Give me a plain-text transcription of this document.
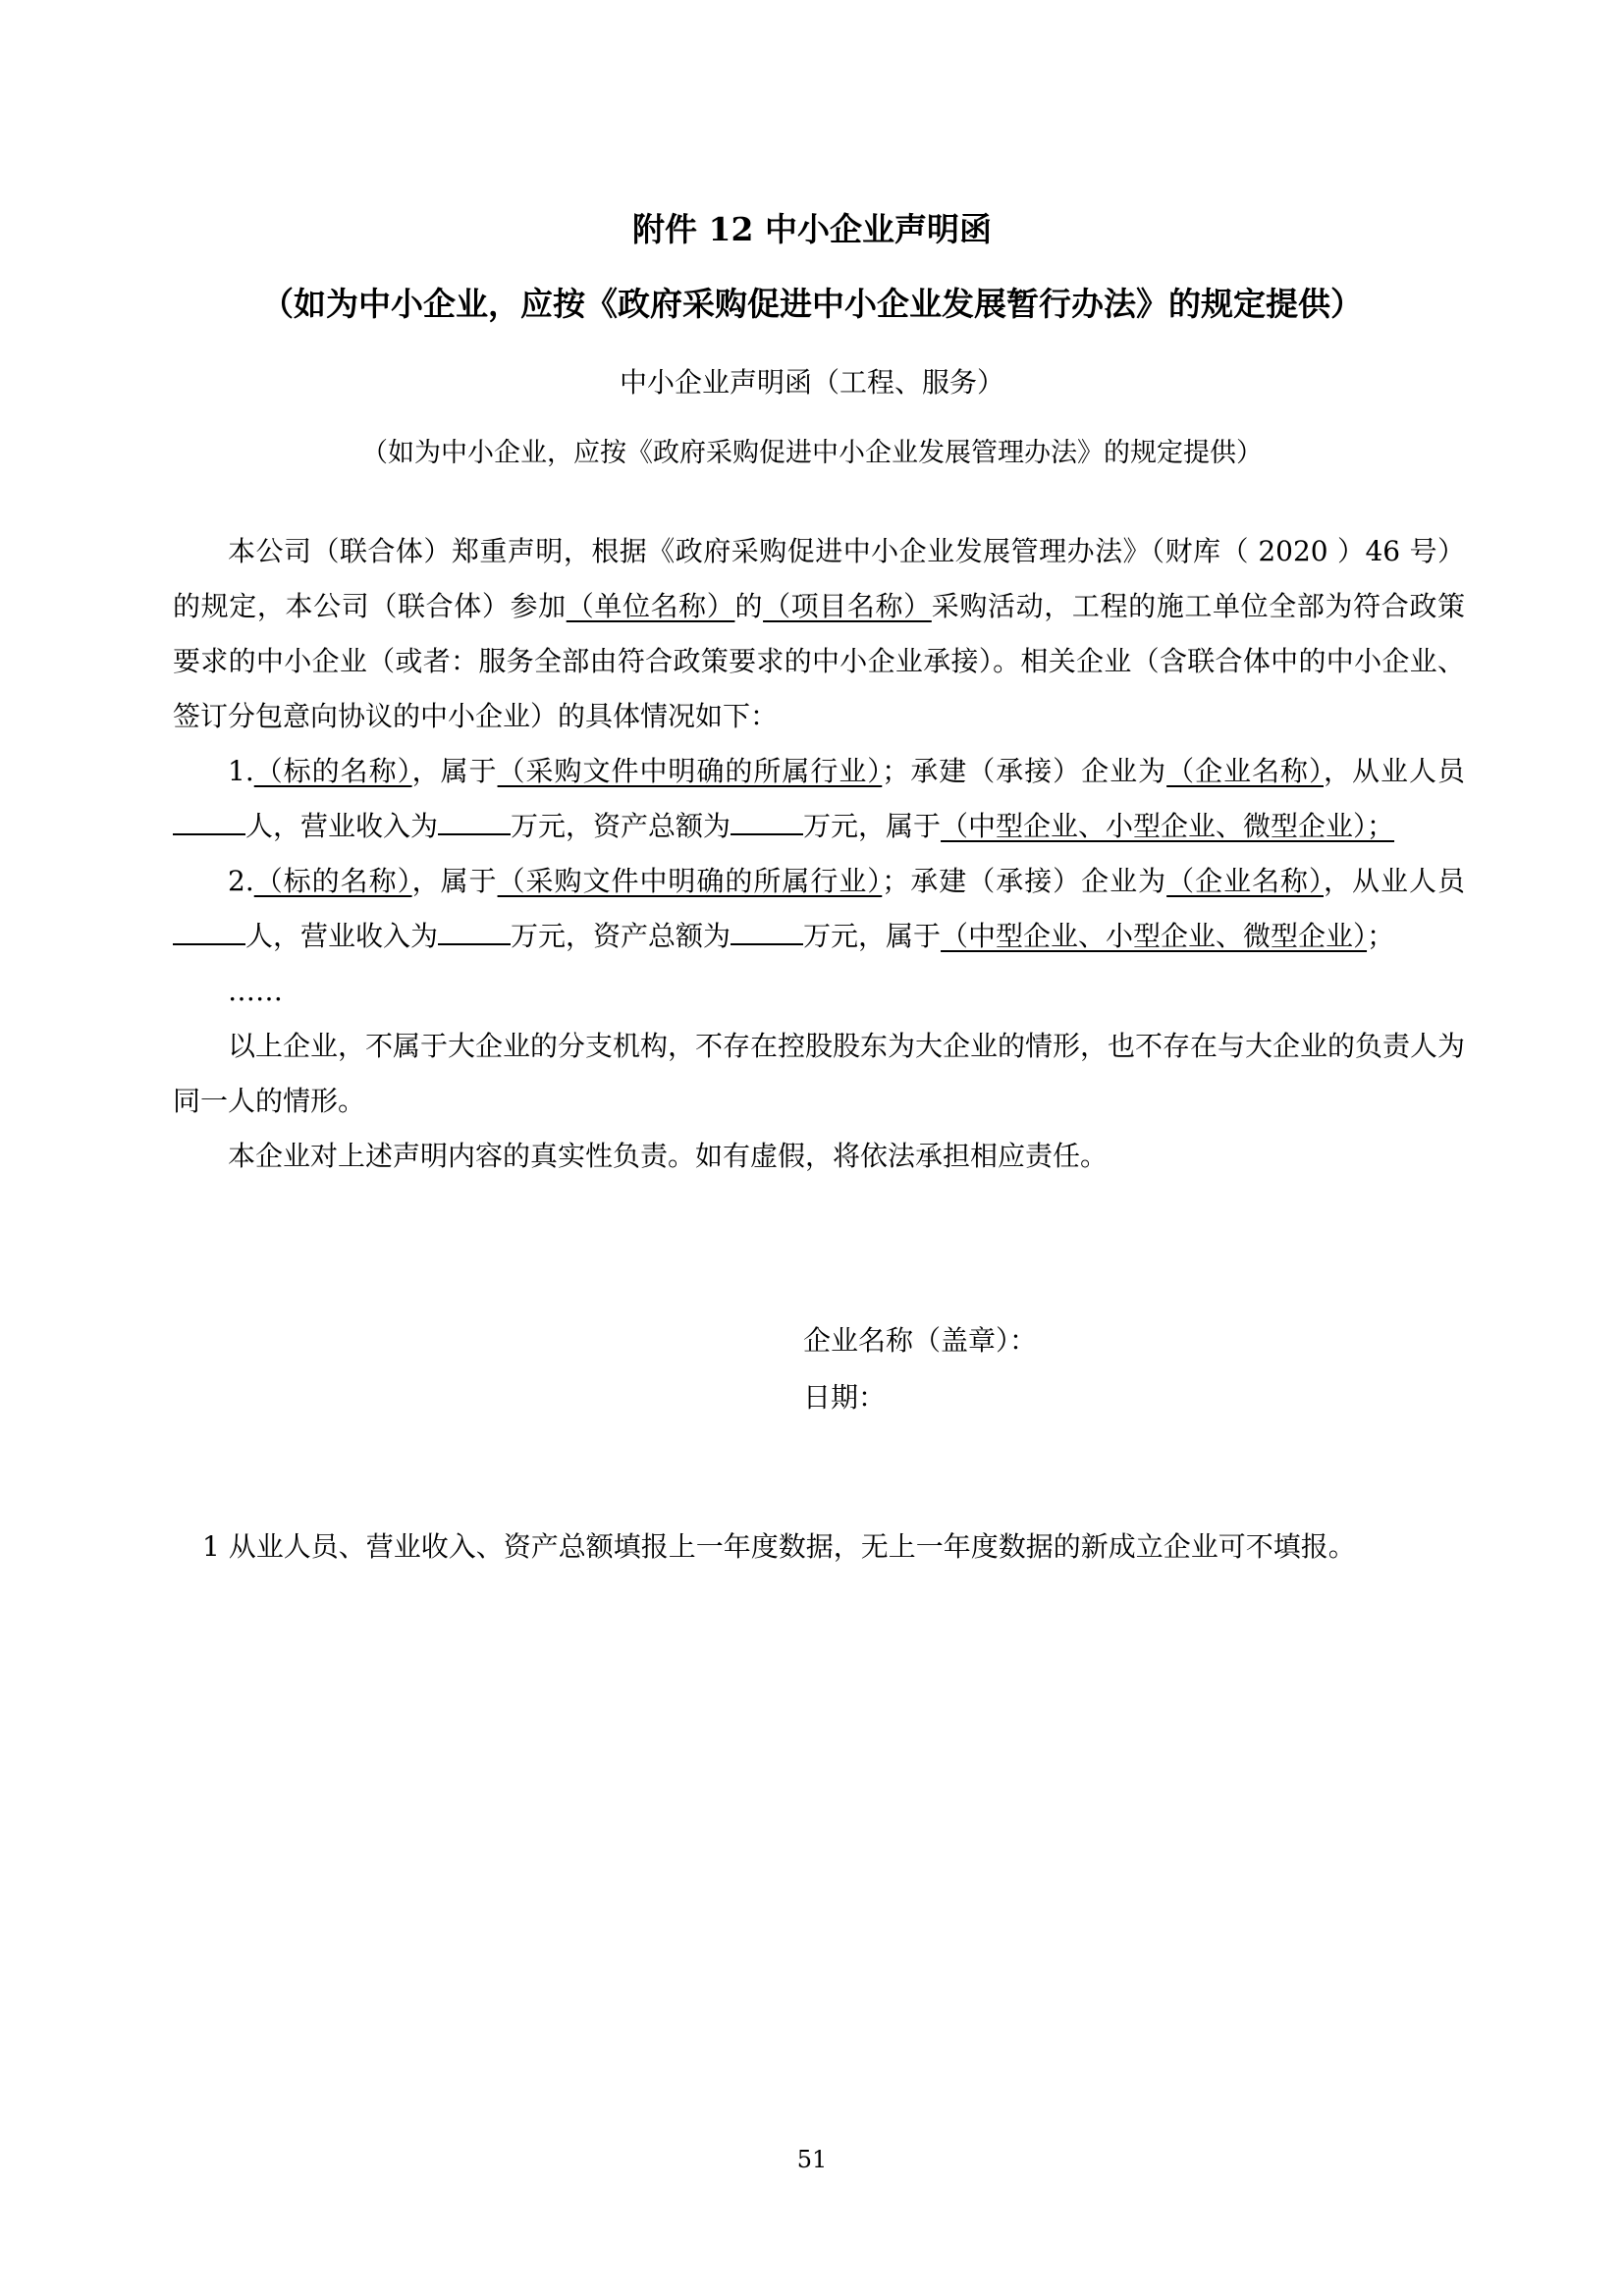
附件 12 中小企业声明函
（如为中小企业，应按《政府采购促进中小企业发展暂行办法》的规定提供）
中小企业声明函（工程、服务）
（如为中小企业，应按《政府采购促进中小企业发展管理办法》的规定提供）

本公司（联合体）郑重声明，根据《政府采购促进中小企业发展管理办法》（财库（ 2020 ）46 号）的规定，本公司（联合体）参加（单位名称）的（项目名称）采购活动，工程的施工单位全部为符合政策要求的中小企业（或者：服务全部由符合政策要求的中小企业承接）。相关企业（含联合体中的中小企业、签订分包意向协议的中小企业）的具体情况如下：

1.（标的名称），属于（采购文件中明确的所属行业）；承建（承接）企业为（企业名称），从业人员人，营业收入为	万元，资产总额为	万元，属于（中型企业、小型企业、微型企业）；

2.（标的名称），属于（采购文件中明确的所属行业）；承建（承接）企业为（企业名称），从业人员人，营业收入为	万元，资产总额为	万元，属于（中型企业、小型企业、微型企业）；

……

以上企业，不属于大企业的分支机构，不存在控股股东为大企业的情形，也不存在与大企业的负责人为同一人的情形。

本企业对上述声明内容的真实性负责。如有虚假，将依法承担相应责任。

企业名称（盖章）：
日期：
1 从业人员、营业收入、资产总额填报上一年度数据，无上一年度数据的新成立企业可不填报。
51
